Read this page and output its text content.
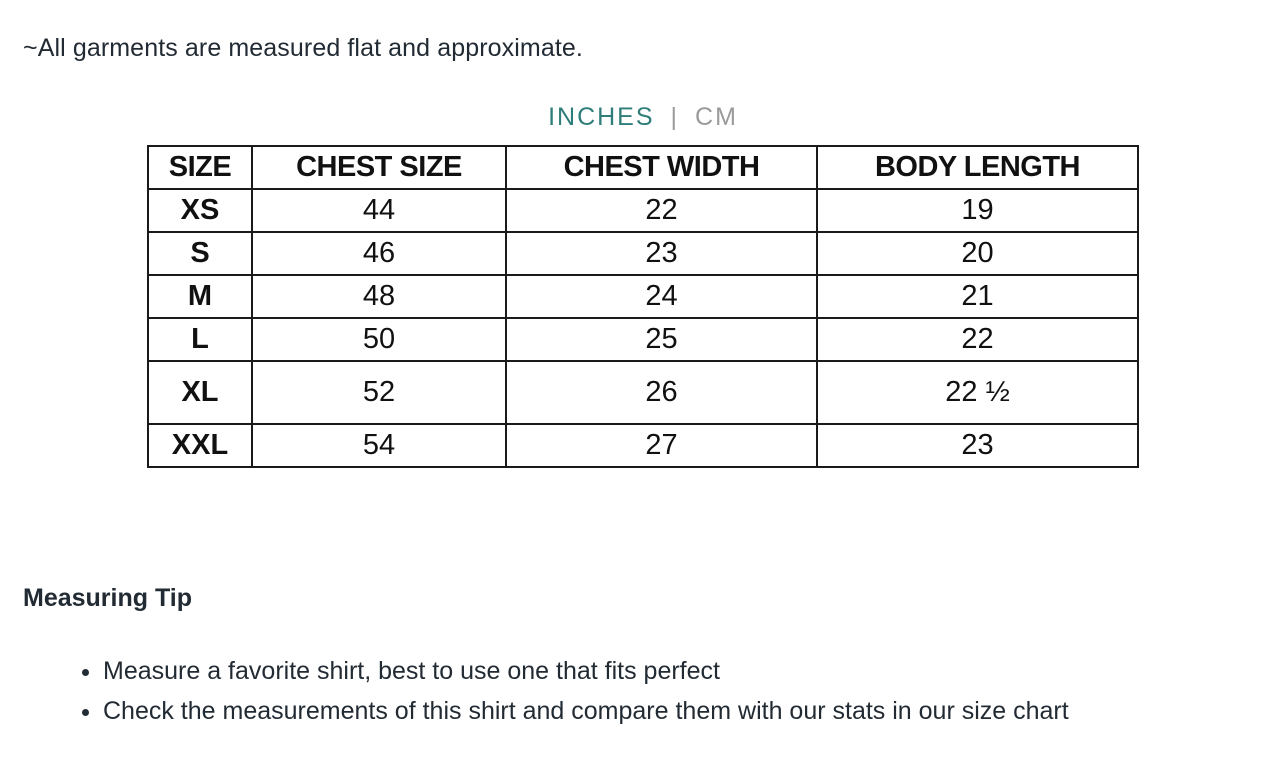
~All garments are measured flat and approximate.
INCHES | CM
SIZE	CHEST SIZE	CHEST WIDTH	BODY LENGTH
XS	44	22	19
S	46	23	20
M	48	24	21
L	50	25	22
XL	52	26	22 ½
XXL	54	27	23
Measuring Tip
• Measure a favorite shirt, best to use one that fits perfect
• Check the measurements of this shirt and compare them with our stats in our size chart
